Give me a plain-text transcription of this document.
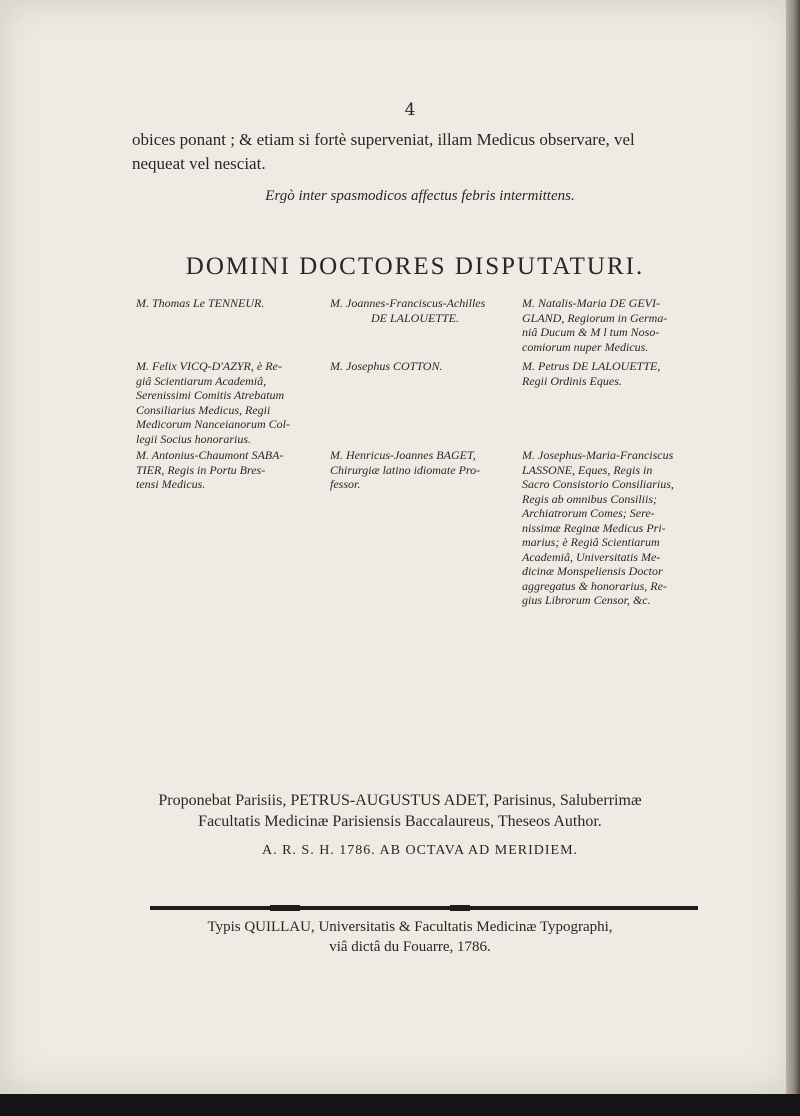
4
obices ponant ; & etiam si fortè superveniat, illam Medicus observare, vel
nequeat vel nesciat.
Ergò inter spasmodicos affectus febris intermittens.
DOMINI DOCTORES DISPUTATURI.

M. Thomas Le TENNEUR.

M. Felix VICQ-D'AZYR, è Re-

giâ Scientiarum Academiâ,

Serenissimi Comitis Atrebatum

Consiliarius Medicus, Regii

Medicorum Nanceianorum Col-

legii Socius honorarius.

M. Antonius-Chaumont SABA-

TIER, Regis in Portu Bres-

tensi Medicus.

M. Joannes-Franciscus-Achilles

DE LALOUETTE.

M. Josephus COTTON.

M. Henricus-Joannes BAGET,

Chirurgiæ latino idiomate Pro-

fessor.

M. Natalis-Maria DE GEVI-

GLAND, Regiorum in Germa-

niâ Ducum & M l tum Noso-

comiorum nuper Medicus.

M. Petrus DE LALOUETTE,

Regii Ordinis Eques.

M. Josephus-Maria-Franciscus

LASSONE, Eques, Regis in

Sacro Consistorio Consiliarius,

Regis ab omnibus Consiliis;

Archiatrorum Comes; Sere-

nissimæ Reginæ Medicus Pri-

marius; è Regiâ Scientiarum

Academiâ, Universitatis Me-

dicinæ Monspeliensis Doctor

aggregatus & honorarius, Re-

gius Librorum Censor, &c.

Proponebat Parisiis, PETRUS-AUGUSTUS ADET, Parisinus, Saluberrimæ
Facultatis Medicinæ Parisiensis Baccalaureus, Theseos Author.
A. R. S. H. 1786. AB OCTAVA AD MERIDIEM.
Typis QUILLAU, Universitatis & Facultatis Medicinæ Typographi,
viâ dictâ du Fouarre, 1786.
